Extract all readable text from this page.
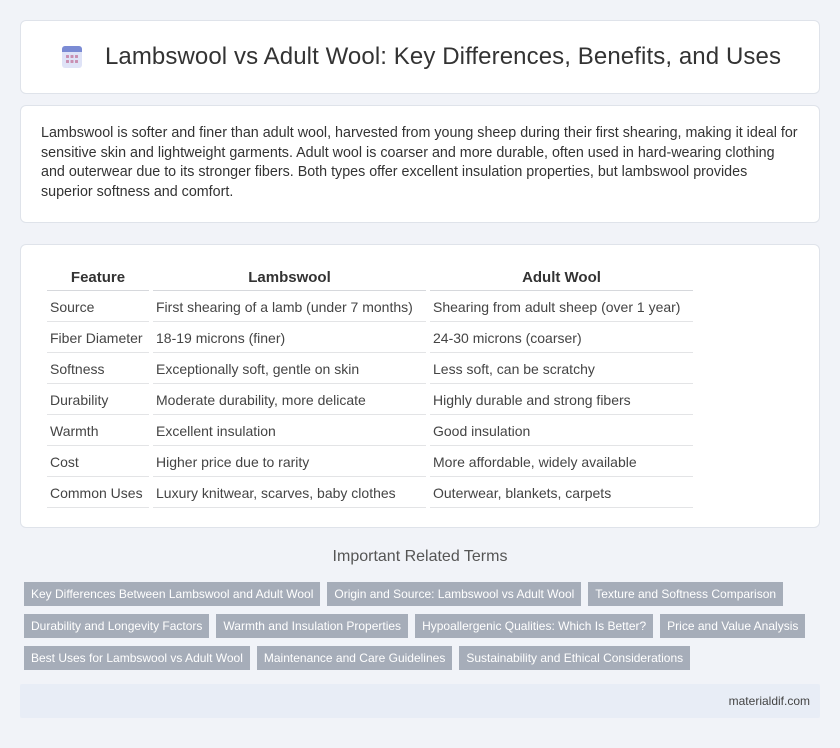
Lambswool vs Adult Wool: Key Differences, Benefits, and Uses

Lambswool is softer and finer than adult wool, harvested from young sheep during their first shearing, making it ideal for sensitive skin and lightweight garments. Adult wool is coarser and more durable, often used in hard-wearing clothing and outerwear due to its stronger fibers. Both types offer excellent insulation properties, but lambswool provides superior softness and comfort.

Feature	Lambswool	Adult Wool
Source	First shearing of a lamb (under 7 months)	Shearing from adult sheep (over 1 year)
Fiber Diameter	18-19 microns (finer)	24-30 microns (coarser)
Softness	Exceptionally soft, gentle on skin	Less soft, can be scratchy
Durability	Moderate durability, more delicate	Highly durable and strong fibers
Warmth	Excellent insulation	Good insulation
Cost	Higher price due to rarity	More affordable, widely available
Common Uses	Luxury knitwear, scarves, baby clothes	Outerwear, blankets, carpets
Important Related Terms
Key Differences Between Lambswool and Adult Wool	Origin and Source: Lambswool vs Adult Wool	Texture and Softness Comparison
Durability and Longevity Factors	Warmth and Insulation Properties	Hypoallergenic Qualities: Which Is Better?	Price and Value Analysis
Best Uses for Lambswool vs Adult Wool	Maintenance and Care Guidelines	Sustainability and Ethical Considerations
materialdif.com
